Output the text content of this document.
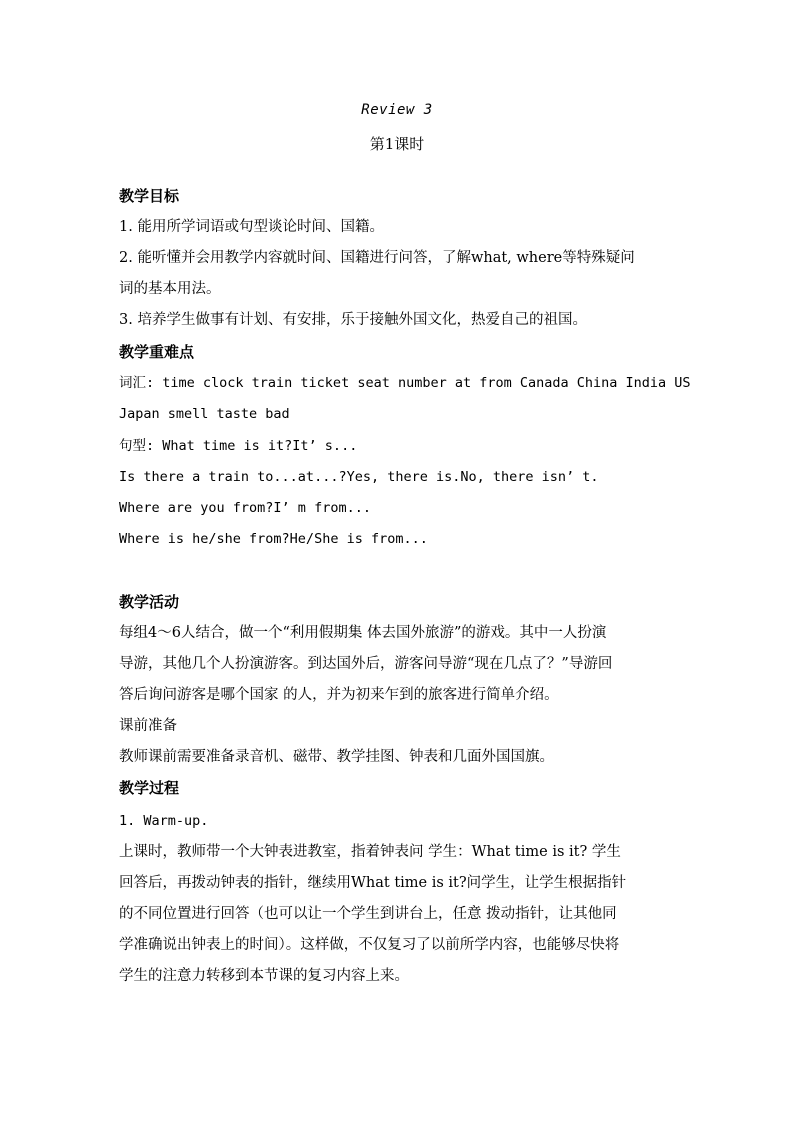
Review 3
第1课时
教学目标
1. 能用所学词语或句型谈论时间、国籍。
2. 能听懂并会用教学内容就时间、国籍进行问答，了解what, where等特殊疑问
词的基本用法。
3. 培养学生做事有计划、有安排，乐于接触外国文化，热爱自己的祖国。
教学重难点
词汇: time clock train ticket seat number at from Canada China India US
Japan smell taste bad
句型: What time is it?It’ s...
Is there a train to...at...?Yes, there is.No, there isn’ t.
Where are you from?I’ m from...
Where is he/she from?He/She is from...
教学活动
每组4～6人结合，做一个“利用假期集 体去国外旅游”的游戏。其中一人扮演
导游，其他几个人扮演游客。到达国外后，游客问导游“现在几点了？”导游回
答后询问游客是哪个国家 的人，并为初来乍到的旅客进行简单介绍。
课前准备
教师课前需要准备录音机、磁带、教学挂图、钟表和几面外国国旗。
教学过程
1. Warm-up.
上课时，教师带一个大钟表进教室，指着钟表问 学生：What time is it? 学生
回答后，再拨动钟表的指针，继续用What time is it?问学生，让学生根据指针
的不同位置进行回答（也可以让一个学生到讲台上，任意 拨动指针，让其他同
学准确说出钟表上的时间）。这样做，不仅复习了以前所学内容，也能够尽快将
学生的注意力转移到本节课的复习内容上来。
